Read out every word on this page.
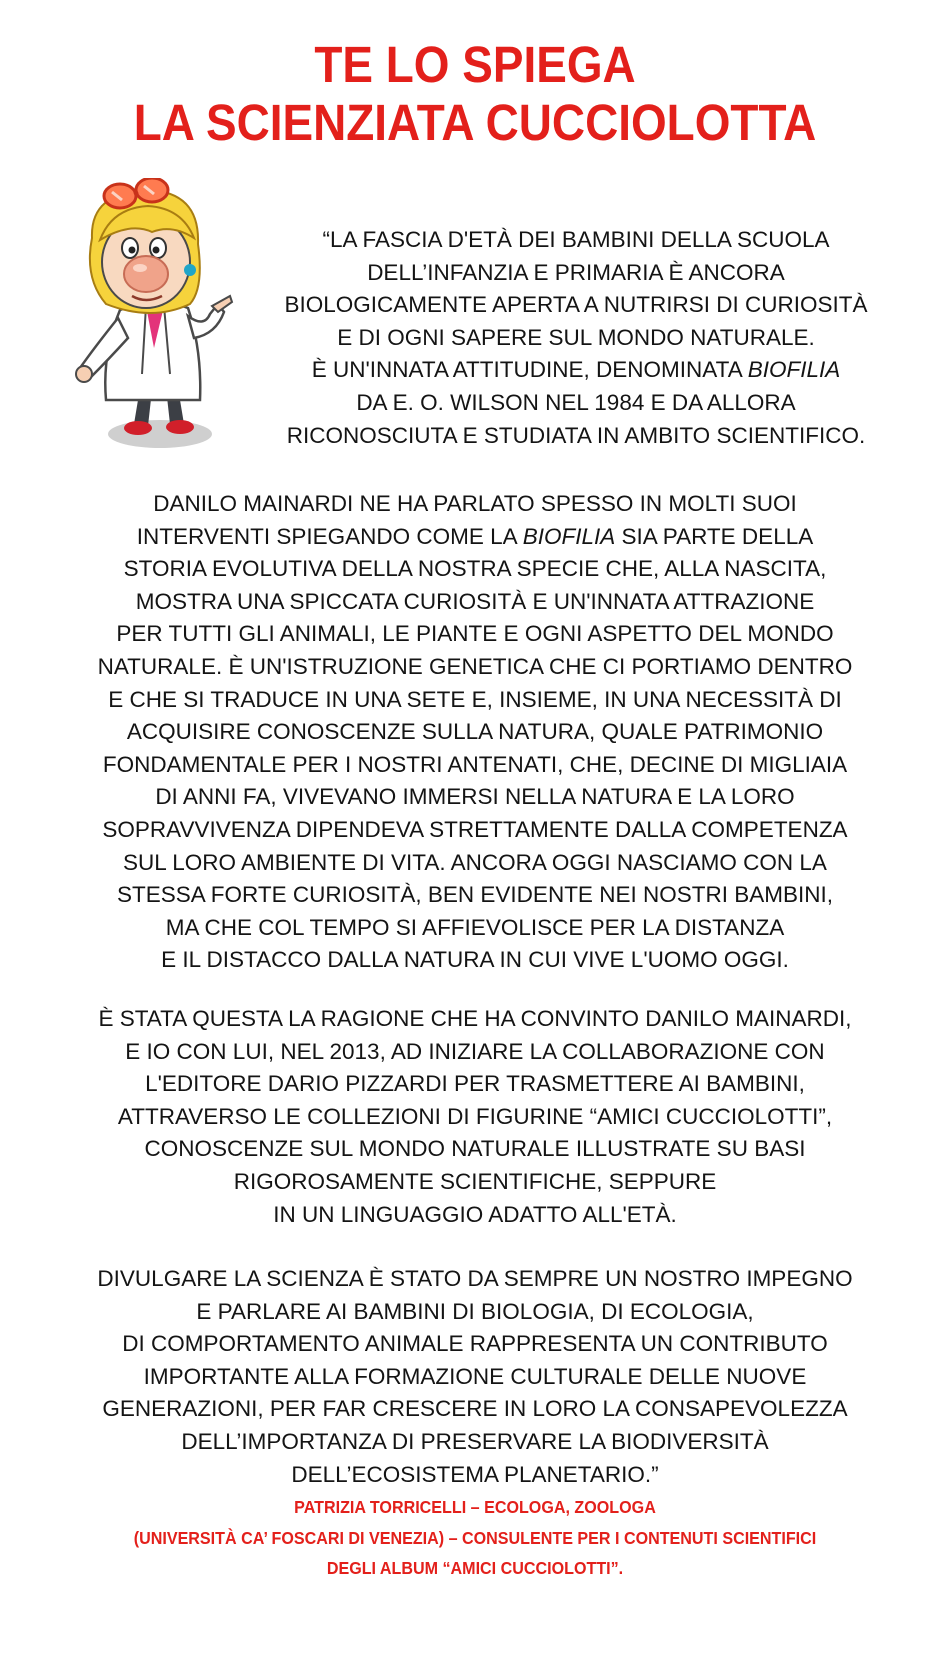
TE LO SPIEGA
LA SCIENZIATA CUCCIOLOTTA
“LA FASCIA D'ETÀ DEI BAMBINI DELLA SCUOLA
DELL’INFANZIA E PRIMARIA È ANCORA
BIOLOGICAMENTE APERTA A NUTRIRSI DI CURIOSITÀ
E DI OGNI SAPERE SUL MONDO NATURALE.
È UN'INNATA ATTITUDINE, DENOMINATA BIOFILIA
DA E. O. WILSON NEL 1984 E DA ALLORA
RICONOSCIUTA E STUDIATA IN AMBITO SCIENTIFICO.
DANILO MAINARDI NE HA PARLATO SPESSO IN MOLTI SUOI
INTERVENTI SPIEGANDO COME LA BIOFILIA SIA PARTE DELLA
STORIA EVOLUTIVA DELLA NOSTRA SPECIE CHE, ALLA NASCITA,
MOSTRA UNA SPICCATA CURIOSITÀ E UN'INNATA ATTRAZIONE
PER TUTTI GLI ANIMALI, LE PIANTE E OGNI ASPETTO DEL MONDO
NATURALE. È UN'ISTRUZIONE GENETICA CHE CI PORTIAMO DENTRO
E CHE SI TRADUCE IN UNA SETE E, INSIEME, IN UNA NECESSITÀ DI
ACQUISIRE CONOSCENZE SULLA NATURA, QUALE PATRIMONIO
FONDAMENTALE PER I NOSTRI ANTENATI, CHE, DECINE DI MIGLIAIA
DI ANNI FA, VIVEVANO IMMERSI NELLA NATURA E LA LORO
SOPRAVVIVENZA DIPENDEVA STRETTAMENTE DALLA COMPETENZA
SUL LORO AMBIENTE DI VITA. ANCORA OGGI NASCIAMO CON LA
STESSA FORTE CURIOSITÀ, BEN EVIDENTE NEI NOSTRI BAMBINI,
MA CHE COL TEMPO SI AFFIEVOLISCE PER LA DISTANZA
E IL DISTACCO DALLA NATURA IN CUI VIVE L'UOMO OGGI.
È STATA QUESTA LA RAGIONE CHE HA CONVINTO DANILO MAINARDI,
E IO CON LUI, NEL 2013, AD INIZIARE LA COLLABORAZIONE CON
L'EDITORE DARIO PIZZARDI PER TRASMETTERE AI BAMBINI,
ATTRAVERSO LE COLLEZIONI DI FIGURINE “AMICI CUCCIOLOTTI”,
CONOSCENZE SUL MONDO NATURALE ILLUSTRATE SU BASI
RIGOROSAMENTE SCIENTIFICHE, SEPPURE
IN UN LINGUAGGIO ADATTO ALL'ETÀ.
DIVULGARE LA SCIENZA È STATO DA SEMPRE UN NOSTRO IMPEGNO
E PARLARE AI BAMBINI DI BIOLOGIA, DI ECOLOGIA,
DI COMPORTAMENTO ANIMALE RAPPRESENTA UN CONTRIBUTO
IMPORTANTE ALLA FORMAZIONE CULTURALE DELLE NUOVE
GENERAZIONI, PER FAR CRESCERE IN LORO LA CONSAPEVOLEZZA
DELL’IMPORTANZA DI PRESERVARE LA BIODIVERSITÀ
DELL’ECOSISTEMA PLANETARIO.”
PATRIZIA TORRICELLI – ECOLOGA, ZOOLOGA
(UNIVERSITÀ CA’ FOSCARI DI VENEZIA) – CONSULENTE PER I CONTENUTI SCIENTIFICI
DEGLI ALBUM “AMICI CUCCIOLOTTI”.
